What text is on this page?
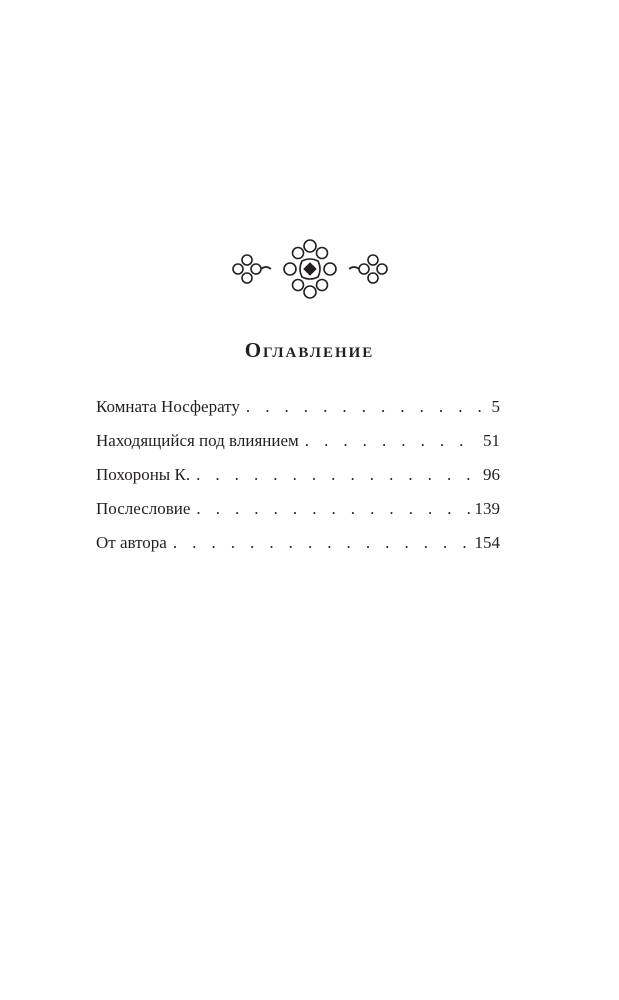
Оглавление
Комната Носферату . . .	5
Находящийся под влиянием . . .	51
Похороны К. . . .	96
Послесловие . . .	139
От автора . . .	154
